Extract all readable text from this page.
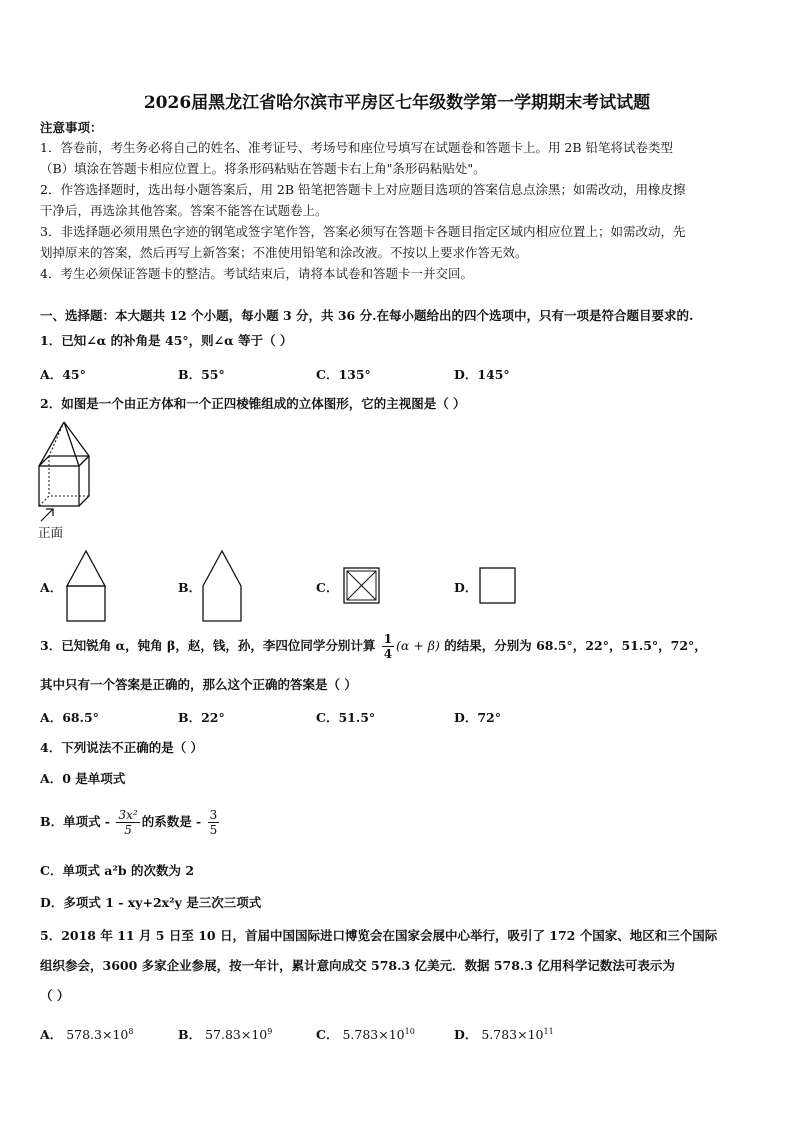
2026届黑龙江省哈尔滨市平房区七年级数学第一学期期末考试试题
注意事项：
1．答卷前，考生务必将自己的姓名、准考证号、考场号和座位号填写在试题卷和答题卡上。用 2B 铅笔将试卷类型
（B）填涂在答题卡相应位置上。将条形码粘贴在答题卡右上角"条形码粘贴处"。
2．作答选择题时，选出每小题答案后，用 2B 铅笔把答题卡上对应题目选项的答案信息点涂黑；如需改动，用橡皮擦
干净后，再选涂其他答案。答案不能答在试题卷上。
3．非选择题必须用黑色字迹的钢笔或签字笔作答，答案必须写在答题卡各题目指定区域内相应位置上；如需改动，先
划掉原来的答案，然后再写上新答案；不准使用铅笔和涂改液。不按以上要求作答无效。
4．考生必须保证答题卡的整洁。考试结束后，请将本试卷和答题卡一并交回。
一、选择题：本大题共 12 个小题，每小题 3 分，共 36 分.在每小题给出的四个选项中，只有一项是符合题目要求的.
1．已知∠α 的补角是 45°，则∠α 等于（ ）
A．45°	B．55°	C．135°	D．145°
2．如图是一个由正方体和一个正四棱锥组成的立体图形，它的主视图是（ ）
正面
A．	B．	C．	D．
3．已知锐角 α，钝角 β，赵，钱，孙，李四位同学分别计算 $\frac{1}{4} (\alpha + \beta)$ 的结果，分别为 68.5°，22°，51.5°，72°，
其中只有一个答案是正确的，那么这个正确的答案是（ ）
A．68.5°	B．22°	C．51.5°	D．72°
4．下列说法不正确的是（ ）
A．0 是单项式
B．单项式 - $\frac{\text{3x²}}{5}$ 的系数是 - $\frac{3}{5}$
C．单项式 a²b 的次数为 2
D．多项式 1 - xy+2x²y 是三次三项式
5．2018 年 11 月 5 日至 10 日，首届中国国际进口博览会在国家会展中心举行，吸引了 172 个国家、地区和三个国际
组织参会，3600 多家企业参展，按一年计，累计意向成交 578.3 亿美元．数据 578.3 亿用科学记数法可表示为
（ ）
A． $578.3\times 10^8$	B． $57.83\times 10^9$	C． $5.783\times 10^{10}$	D． $5.783\times 10^{11}$
